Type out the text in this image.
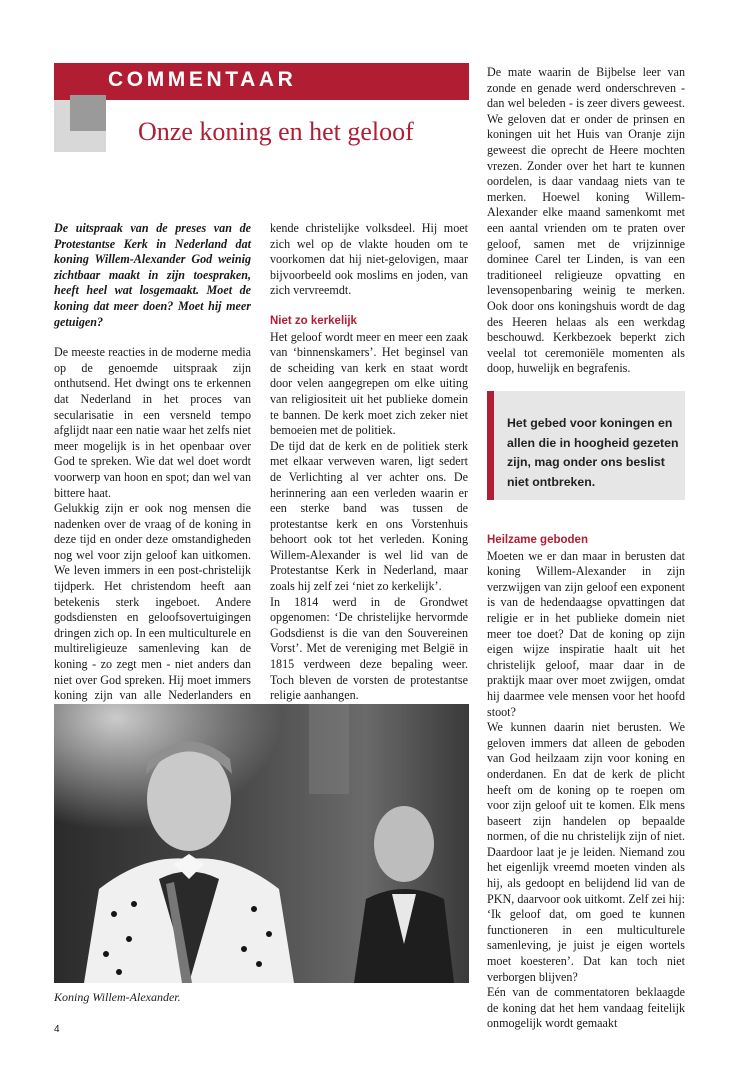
COMMENTAAR
Onze koning en het geloof

De uitspraak van de preses van de Protestantse Kerk in Nederland dat koning Willem-Alexander God weinig zichtbaar maakt in zijn toespraken, heeft heel wat losgemaakt. Moet de koning dat meer doen? Moet hij meer getuigen?

De meeste reacties in de moderne media op de genoemde uitspraak zijn onthutsend. Het dwingt ons te erkennen dat Nederland in het proces van secularisatie in een versneld tempo afglijdt naar een natie waar het zelfs niet meer mogelijk is in het openbaar over God te spreken. Wie dat wel doet wordt voorwerp van hoon en spot; dan wel van bittere haat.

Gelukkig zijn er ook nog mensen die nadenken over de vraag of de koning in deze tijd en onder deze omstandigheden nog wel voor zijn geloof kan uitkomen. We leven immers in een post-christelijk tijdperk. Het christendom heeft aan betekenis sterk ingeboet. Andere godsdiensten en geloofsovertuigingen dringen zich op. In een multiculturele en multireligieuze samenleving kan de koning - zo zegt men - niet anders dan niet over God spreken. Hij moet immers koning zijn van alle Nederlanders en

kende christelijke volksdeel. Hij moet zich wel op de vlakte houden om te voorkomen dat hij niet-gelovigen, maar bijvoorbeeld ook moslims en joden, van zich vervreemdt.

Niet zo kerkelijk

Het geloof wordt meer en meer een zaak van ‘binnenskamers’. Het beginsel van de scheiding van kerk en staat wordt door velen aangegrepen om elke uiting van religiositeit uit het publieke domein te bannen. De kerk moet zich zeker niet bemoeien met de politiek.

De tijd dat de kerk en de politiek sterk met elkaar verweven waren, ligt sedert de Verlichting al ver achter ons. De herinnering aan een verleden waarin er een sterke band was tussen de protestantse kerk en ons Vorstenhuis behoort ook tot het verleden. Koning Willem-Alexander is wel lid van de Protestantse Kerk in Nederland, maar zoals hij zelf zei ‘niet zo kerkelijk’.

In 1814 werd in de Grondwet opgenomen: ‘De christelijke hervormde Godsdienst is die van den Souvereinen Vorst’. Met de vereniging met België in 1815 verdween deze bepaling weer. Toch bleven de vorsten de protestantse religie aanhangen.

De mate waarin de Bijbelse leer van zonde en genade werd onderschreven - dan wel beleden - is zeer divers geweest. We geloven dat er onder de prinsen en koningen uit het Huis van Oranje zijn geweest die oprecht de Heere mochten vrezen. Zonder over het hart te kunnen oordelen, is daar vandaag niets van te merken. Hoewel koning Willem-Alexander elke maand samenkomt met een aantal vrienden om te praten over geloof, samen met de vrijzinnige dominee Carel ter Linden, is van een traditioneel religieuze opvatting en levensopenbaring weinig te merken. Ook door ons koningshuis wordt de dag des Heeren helaas als een werkdag beschouwd. Kerkbezoek beperkt zich veelal tot ceremoniële momenten als doop, huwelijk en begrafenis.

Het gebed voor koningen en allen die in hoogheid gezeten zijn, mag onder ons beslist niet ontbreken.

Heilzame geboden

Moeten we er dan maar in berusten dat koning Willem-Alexander in zijn verzwijgen van zijn geloof een exponent is van de hedendaagse opvattingen dat religie er in het publieke domein niet meer toe doet? Dat de koning op zijn eigen wijze inspiratie haalt uit het christelijk geloof, maar daar in de praktijk maar over moet zwijgen, omdat hij daarmee vele mensen voor het hoofd stoot?

We kunnen daarin niet berusten. We geloven immers dat alleen de geboden van God heilzaam zijn voor koning en onderdanen. En dat de kerk de plicht heeft om de koning op te roepen om voor zijn geloof uit te komen. Elk mens baseert zijn handelen op bepaalde normen, of die nu christelijk zijn of niet. Daardoor laat je je leiden. Niemand zou het eigenlijk vreemd moeten vinden als hij, als gedoopt en belijdend lid van de PKN, daarvoor ook uitkomt. Zelf zei hij: ‘Ik geloof dat, om goed te kunnen functioneren in een multiculturele samenleving, je juist je eigen wortels moet koesteren’. Dat kan toch niet verborgen blijven?

Eén van de commentatoren beklaagde de koning dat het hem vandaag feitelijk onmogelijk wordt gemaakt

Koning Willem-Alexander.
4
